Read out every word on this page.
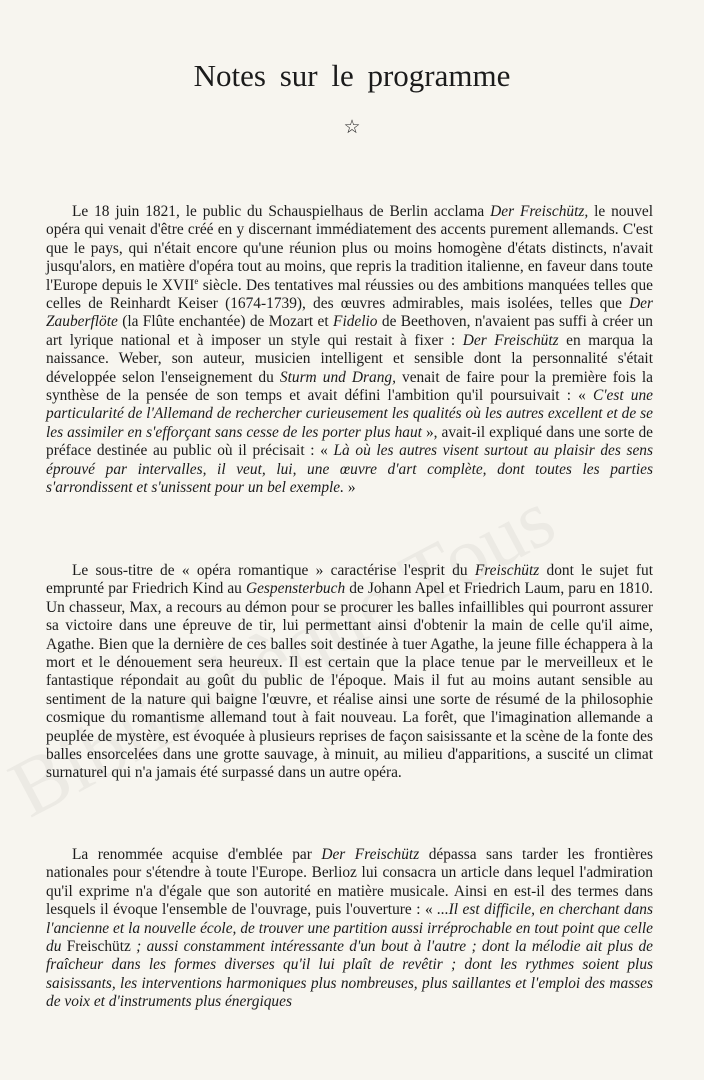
Notes sur le programme
☆

Le 18 juin 1821, le public du Schauspielhaus de Berlin acclama Der Freischütz, le nouvel opéra qui venait d'être créé en y discernant immédiatement des accents purement allemands. C'est que le pays, qui n'était encore qu'une réunion plus ou moins homogène d'états distincts, n'avait jusqu'alors, en matière d'opéra tout au moins, que repris la tradition italienne, en faveur dans toute l'Europe depuis le XVIIe siècle. Des tentatives mal réussies ou des ambitions manquées telles que celles de Reinhardt Keiser (1674-1739), des œuvres admirables, mais isolées, telles que Der Zauberflöte (la Flûte enchantée) de Mozart et Fidelio de Beethoven, n'avaient pas suffi à créer un art lyrique national et à imposer un style qui restait à fixer : Der Freischütz en marqua la naissance. Weber, son auteur, musicien intelligent et sensible dont la personnalité s'était développée selon l'enseignement du Sturm und Drang, venait de faire pour la première fois la synthèse de la pensée de son temps et avait défini l'ambition qu'il poursuivait : « C'est une particularité de l'Allemand de rechercher curieusement les qualités où les autres excellent et de se les assimiler en s'efforçant sans cesse de les porter plus haut », avait-il expliqué dans une sorte de préface destinée au public où il précisait : « Là où les autres visent surtout au plaisir des sens éprouvé par intervalles, il veut, lui, une œuvre d'art complète, dont toutes les parties s'arrondissent et s'unissent pour un bel exemple. »

Le sous-titre de « opéra romantique » caractérise l'esprit du Freischütz dont le sujet fut emprunté par Friedrich Kind au Gespensterbuch de Johann Apel et Friedrich Laum, paru en 1810. Un chasseur, Max, a recours au démon pour se procurer les balles infaillibles qui pourront assurer sa victoire dans une épreuve de tir, lui permettant ainsi d'obtenir la main de celle qu'il aime, Agathe. Bien que la dernière de ces balles soit destinée à tuer Agathe, la jeune fille échappera à la mort et le dénouement sera heureux. Il est certain que la place tenue par le merveilleux et le fantastique répondait au goût du public de l'époque. Mais il fut au moins autant sensible au sentiment de la nature qui baigne l'œuvre, et réalise ainsi une sorte de résumé de la philosophie cosmique du romantisme allemand tout à fait nouveau. La forêt, que l'imagination allemande a peuplée de mystère, est évoquée à plusieurs reprises de façon saisissante et la scène de la fonte des balles ensorcelées dans une grotte sauvage, à minuit, au milieu d'apparitions, a suscité un climat surnaturel qui n'a jamais été surpassé dans un autre opéra.

La renommée acquise d'emblée par Der Freischütz dépassa sans tarder les frontières nationales pour s'étendre à toute l'Europe. Berlioz lui consacra un article dans lequel l'admiration qu'il exprime n'a d'égale que son autorité en matière musicale. Ainsi en est-il des termes dans lesquels il évoque l'ensemble de l'ouvrage, puis l'ouverture : « ...Il est difficile, en cherchant dans l'ancienne et la nouvelle école, de trouver une partition aussi irréprochable en tout point que celle du Freischütz ; aussi constamment intéressante d'un bout à l'autre ; dont la mélodie ait plus de fraîcheur dans les formes diverses qu'il lui plaît de revêtir ; dont les rythmes soient plus saisissants, les interventions harmoniques plus nombreuses, plus saillantes et l'emploi des masses de voix et d'instruments plus énergiques
